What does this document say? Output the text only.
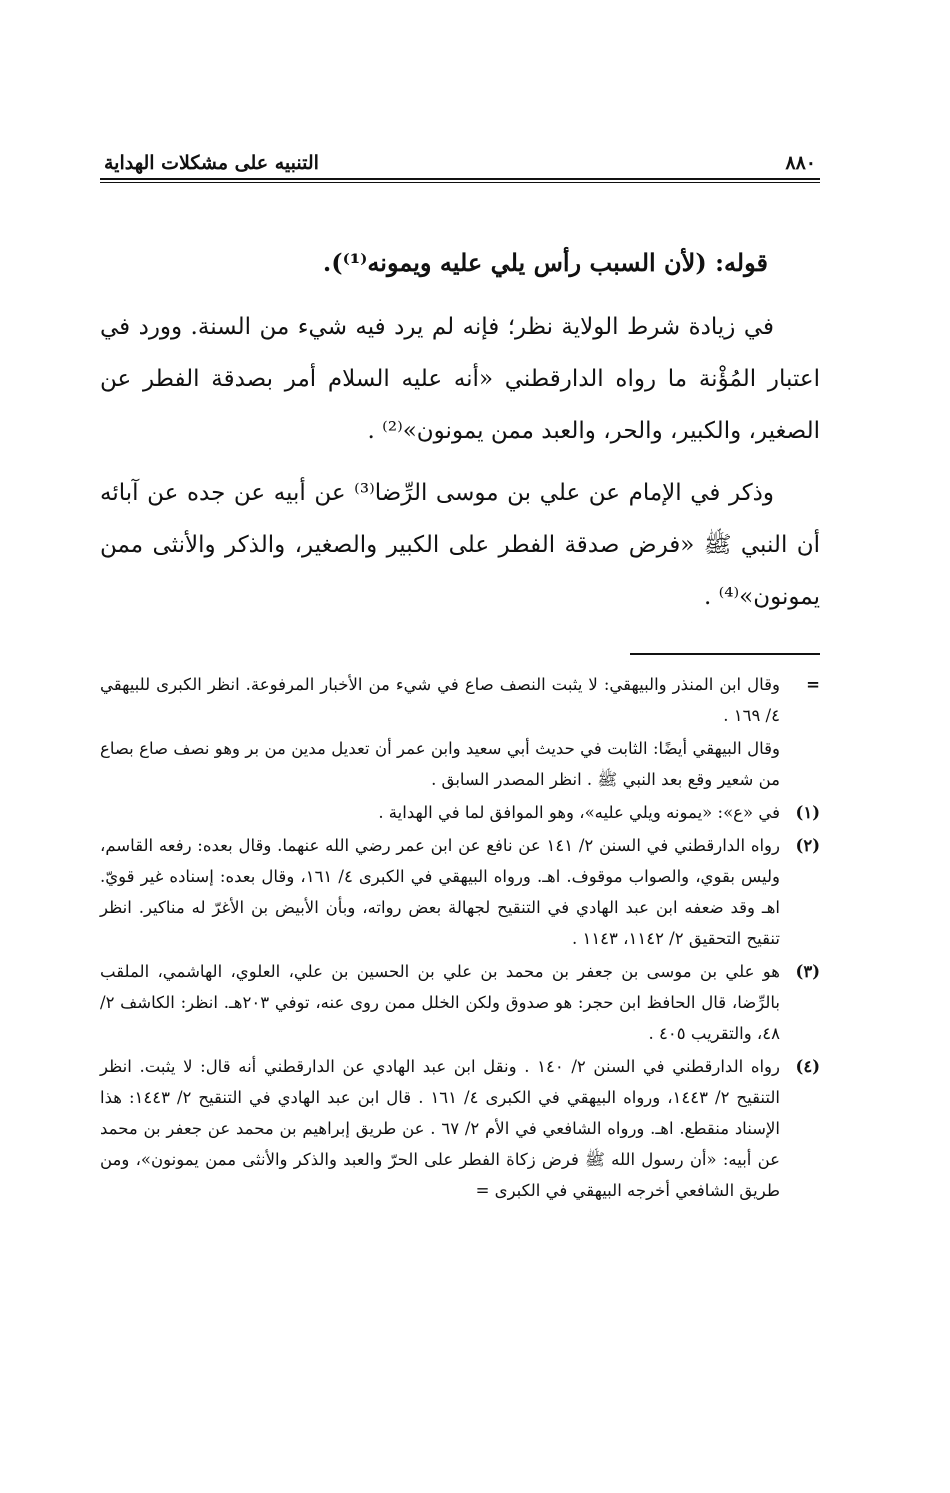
٨٨٠
التنبيه على مشكلات الهداية
قوله: (لأن السبب رأس يلي عليه ويمونه⁽¹⁾).

في زيادة شرط الولاية نظر؛ فإنه لم يرد فيه شيء من السنة. وورد في اعتبار المُؤْنة ما رواه الدارقطني «أنه عليه السلام أمر بصدقة الفطر عن الصغير، والكبير، والحر، والعبد ممن يمونون»⁽²⁾ .

وذكر في الإمام عن علي بن موسى الرِّضا⁽³⁾ عن أبيه عن جده عن آبائه أن النبي ﷺ «فرض صدقة الفطر على الكبير والصغير، والذكر والأنثى ممن يمونون»⁽⁴⁾ .

=

وقال ابن المنذر والبيهقي: لا يثبت النصف صاع في شيء من الأخبار المرفوعة. انظر الكبرى للبيهقي ٤/ ١٦٩ .

وقال البيهقي أيضًا: الثابت في حديث أبي سعيد وابن عمر أن تعديل مدين من بر وهو نصف صاع بصاع من شعير وقع بعد النبي ﷺ . انظر المصدر السابق .

(١)

في «ع»: «يمونه ويلي عليه»، وهو الموافق لما في الهداية .

(٢)

رواه الدارقطني في السنن ٢/ ١٤١ عن نافع عن ابن عمر رضي الله عنهما. وقال بعده: رفعه القاسم، وليس بقوي، والصواب موقوف. اهـ. ورواه البيهقي في الكبرى ٤/ ١٦١، وقال بعده: إسناده غير قويّ. اهـ وقد ضعفه ابن عبد الهادي في التنقيح لجهالة بعض رواته، وبأن الأبيض بن الأغرّ له مناكير. انظر تنقيح التحقيق ٢/ ١١٤٢، ١١٤٣ .

(٣)

هو علي بن موسى بن جعفر بن محمد بن علي بن الحسين بن علي، العلوي، الهاشمي، الملقب بالرِّضا، قال الحافظ ابن حجر: هو صدوق ولكن الخلل ممن روى عنه، توفي ٢٠٣هـ. انظر: الكاشف ٢/ ٤٨، والتقريب ٤٠٥ .

(٤)

رواه الدارقطني في السنن ٢/ ١٤٠ . ونقل ابن عبد الهادي عن الدارقطني أنه قال: لا يثبت. انظر التنقيح ٢/ ١٤٤٣، ورواه البيهقي في الكبرى ٤/ ١٦١ . قال ابن عبد الهادي في التنقيح ٢/ ١٤٤٣: هذا الإسناد منقطع. اهـ. ورواه الشافعي في الأم ٢/ ٦٧ . عن طريق إبراهيم بن محمد عن جعفر بن محمد عن أبيه: «أن رسول الله ﷺ فرض زكاة الفطر على الحرّ والعبد والذكر والأنثى ممن يمونون»، ومن طريق الشافعي أخرجه البيهقي في الكبرى =
